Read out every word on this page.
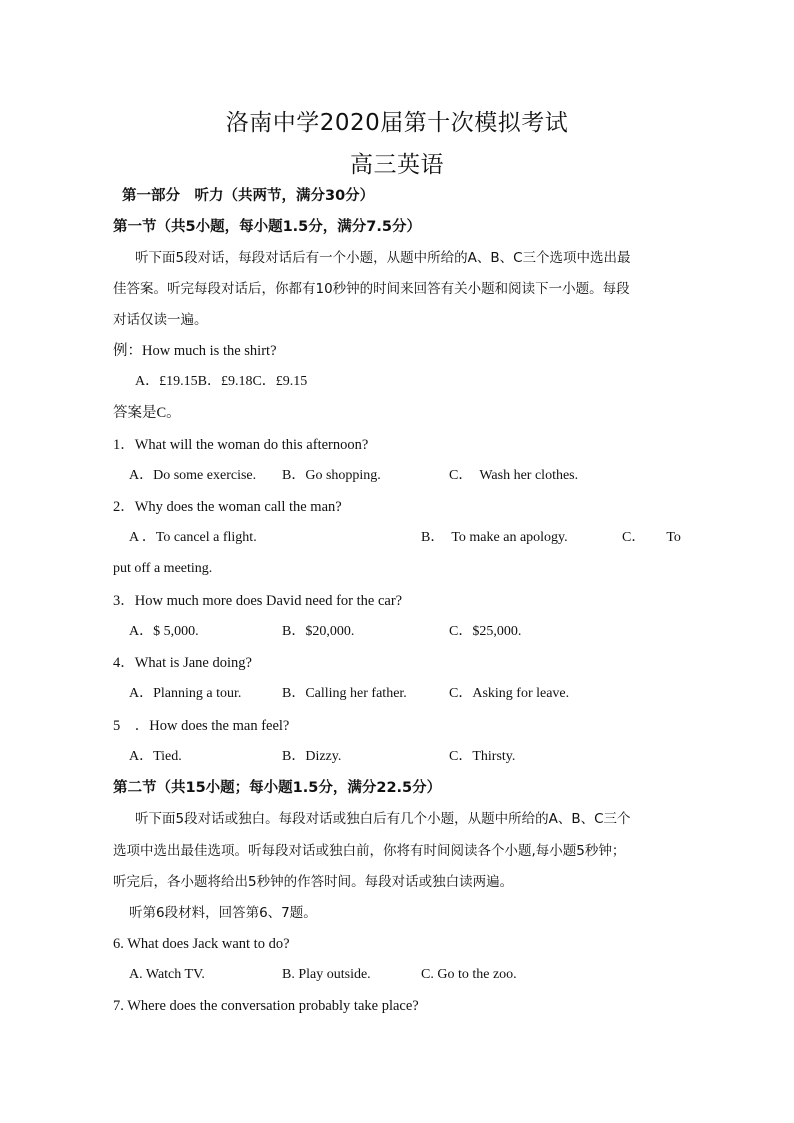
洛南中学2020届第十次模拟考试
高三英语
第一部分　听力（共两节，满分30分）
第一节（共5小题，每小题1.5分，满分7.5分）
听下面5段对话，每段对话后有一个小题，从题中所给的A、B、C三个选项中选出最
佳答案。听完每段对话后，你都有10秒钟的时间来回答有关小题和阅读下一小题。每段
对话仅读一遍。
例：How much is the shirt?
A．£19.15B．£9.18C．£9.15
答案是C。
1．What will the woman do this afternoon?
A．Do some exercise. B．Go shopping.	C．　Wash her clothes.
2．Why does the woman call the man?
A ．To cancel a flight.	B．　To make an apology.	C．　　To
put off a meeting.
3．How much more does David need for the car?
A．$ 5,000.	B．$20,000.	C．$25,000.
4．What is Jane doing?
A．Planning a tour.	B．Calling her father.	C．Asking for leave.
5　．How does the man feel?
A．Tied.	B．Dizzy.	C．Thirsty.
第二节（共15小题；每小题1.5分，满分22.5分）
听下面5段对话或独白。每段对话或独白后有几个小题，从题中所给的A、B、C三个
选项中选出最佳选项。听每段对话或独白前，你将有时间阅读各个小题,每小题5秒钟；
听完后，各小题将给出5秒钟的作答时间。每段对话或独白读两遍。
听第6段材料，回答第6、7题。
6. What does Jack want to do?
A. Watch TV.	B. Play outside.	C. Go to the zoo.
7. Where does the conversation probably take place?
